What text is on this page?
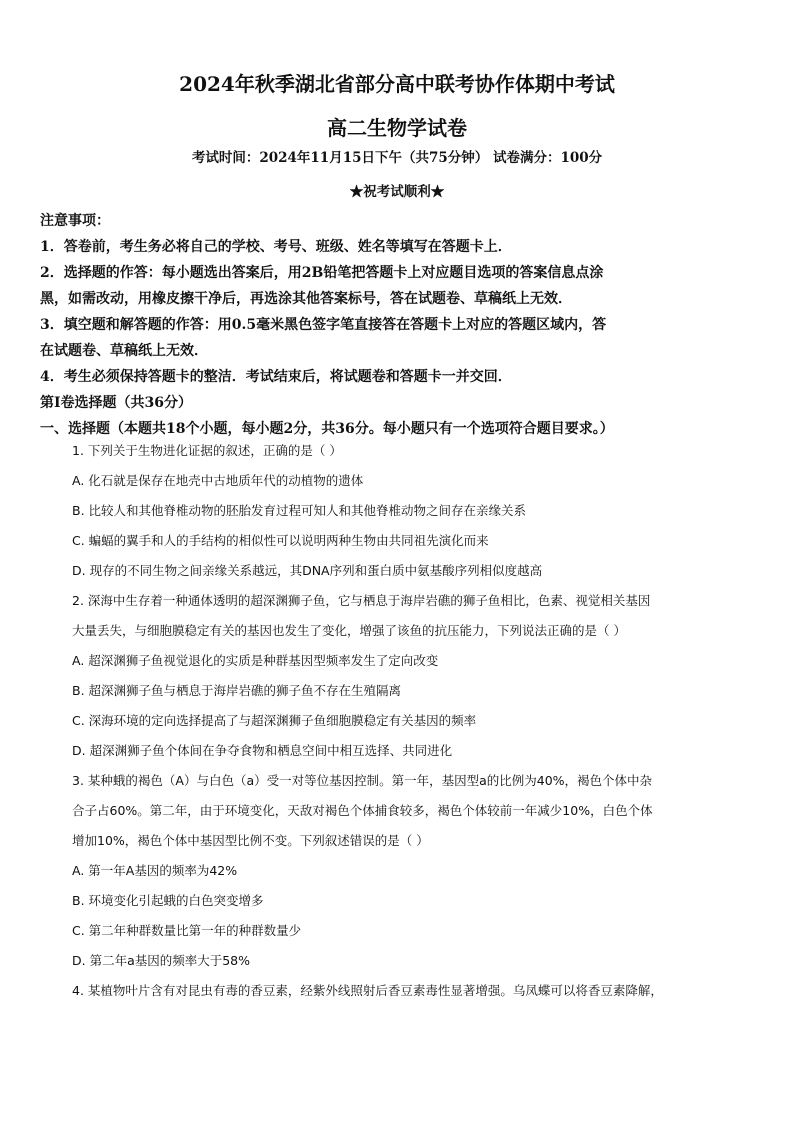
2024年秋季湖北省部分高中联考协作体期中考试
高二生物学试卷
考试时间：2024年11月15日下午（共75分钟） 试卷满分：100分
★祝考试顺利★

注意事项：

1．答卷前，考生务必将自己的学校、考号、班级、姓名等填写在答题卡上．

2．选择题的作答：每小题选出答案后，用2B铅笔把答题卡上对应题目选项的答案信息点涂

黑，如需改动，用橡皮擦干净后，再选涂其他答案标号，答在试题卷、草稿纸上无效．

3．填空题和解答题的作答：用0.5毫米黑色签字笔直接答在答题卡上对应的答题区域内，答

在试题卷、草稿纸上无效．

4．考生必须保持答题卡的整洁．考试结束后，将试题卷和答题卡一并交回．

第Ⅰ卷选择题（共36分）

一、选择题（本题共18个小题，每小题2分，共36分。每小题只有一个选项符合题目要求。）

1. 下列关于生物进化证据的叙述，正确的是（ ）

A. 化石就是保存在地壳中古地质年代的动植物的遗体

B. 比较人和其他脊椎动物的胚胎发育过程可知人和其他脊椎动物之间存在亲缘关系

C. 蝙蝠的翼手和人的手结构的相似性可以说明两种生物由共同祖先演化而来

D. 现存的不同生物之间亲缘关系越远，其DNA序列和蛋白质中氨基酸序列相似度越高

2. 深海中生存着一种通体透明的超深渊狮子鱼，它与栖息于海岸岩礁的狮子鱼相比，色素、视觉相关基因

大量丢失，与细胞膜稳定有关的基因也发生了变化，增强了该鱼的抗压能力，下列说法正确的是（ ）

A. 超深渊狮子鱼视觉退化的实质是种群基因型频率发生了定向改变

B. 超深渊狮子鱼与栖息于海岸岩礁的狮子鱼不存在生殖隔离

C. 深海环境的定向选择提高了与超深渊狮子鱼细胞膜稳定有关基因的频率

D. 超深渊狮子鱼个体间在争夺食物和栖息空间中相互选择、共同进化

3. 某种蛾的褐色（A）与白色（a）受一对等位基因控制。第一年，基因型a的比例为40%，褐色个体中杂

合子占60%。第二年，由于环境变化，天敌对褐色个体捕食较多，褐色个体较前一年减少10%，白色个体

增加10%，褐色个体中基因型比例不变。下列叙述错误的是（ ）

A. 第一年A基因的频率为42%

B. 环境变化引起蛾的白色突变增多

C. 第二年种群数量比第一年的种群数量少

D. 第二年a基因的频率大于58%

4. 某植物叶片含有对昆虫有毒的香豆素，经紫外线照射后香豆素毒性显著增强。乌凤蝶可以将香豆素降解，
